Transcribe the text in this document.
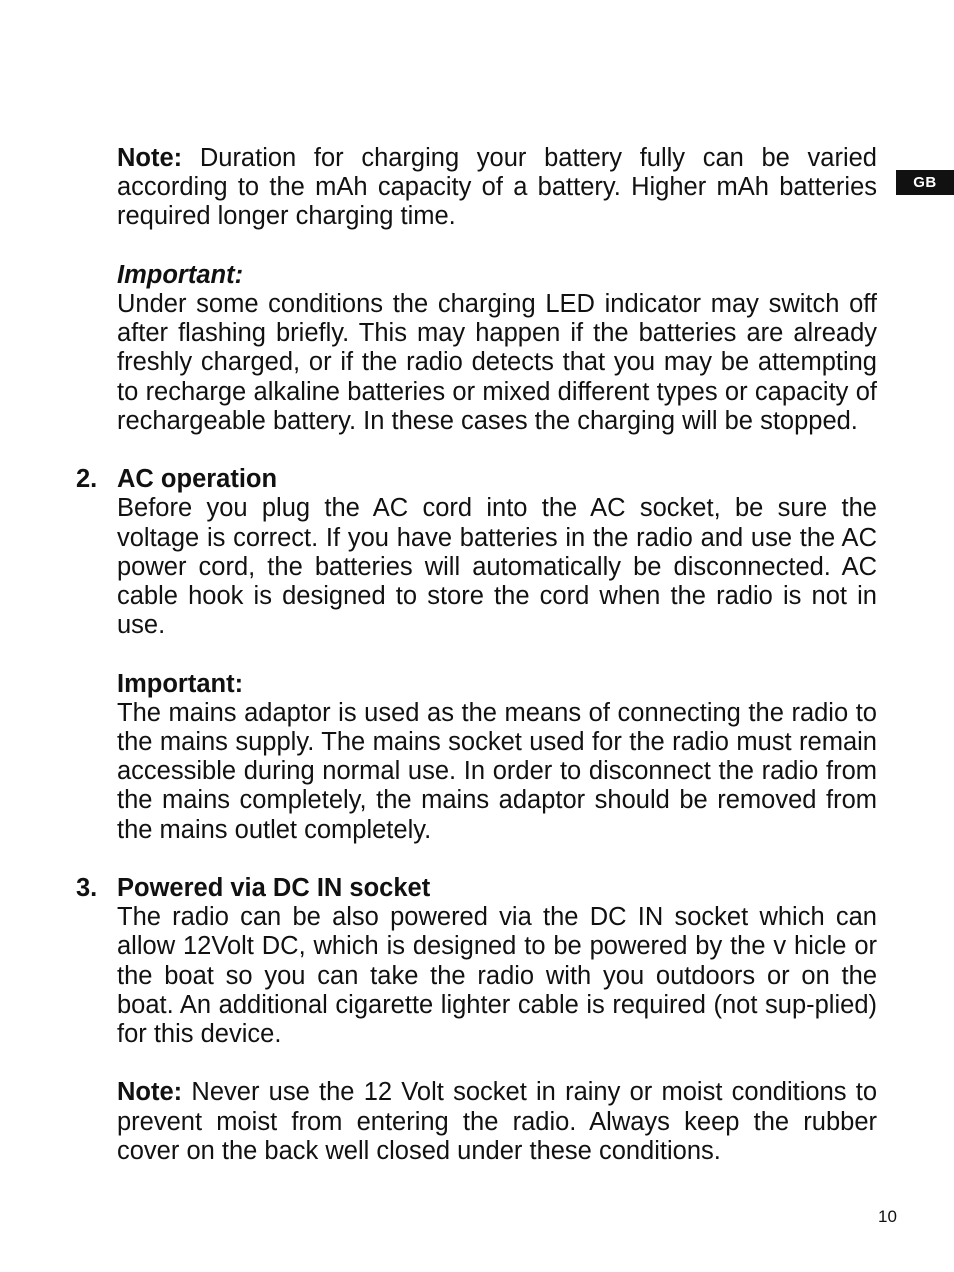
GB

Note: Duration for charging your battery fully can be varied according to the mAh capacity of a battery. Higher mAh batteries required longer charging time.

Important:

Under some conditions the charging LED indicator may switch off after flashing briefly. This may happen if the batteries are already freshly charged, or if the radio detects that you may be attempting to recharge alkaline batteries or mixed different types or capacity of rechargeable battery. In these cases the charging will be stopped.

2. AC operation

Before you plug the AC cord into the AC socket, be sure the voltage is correct. If you have batteries in the radio and use the AC power cord, the batteries will automatically be disconnected. AC cable hook is designed to store the cord when the radio is not in use.

Important:

The mains adaptor is used as the means of connecting the radio to the mains supply. The mains socket used for the radio must remain accessible during normal use. In order to disconnect the radio from the mains completely, the mains adaptor should be removed from the mains outlet completely.

3. Powered via DC IN socket

The radio can be also powered via the DC IN socket which can allow 12Volt DC, which is designed to be powered by the v hicle or the boat so you can take the radio with you outdoors or on the boat. An additional cigarette lighter cable is required (not sup-plied) for this device.

Note: Never use the 12 Volt socket in rainy or moist conditions to prevent moist from entering the radio. Always keep the rubber cover on the back well closed under these conditions.

10
